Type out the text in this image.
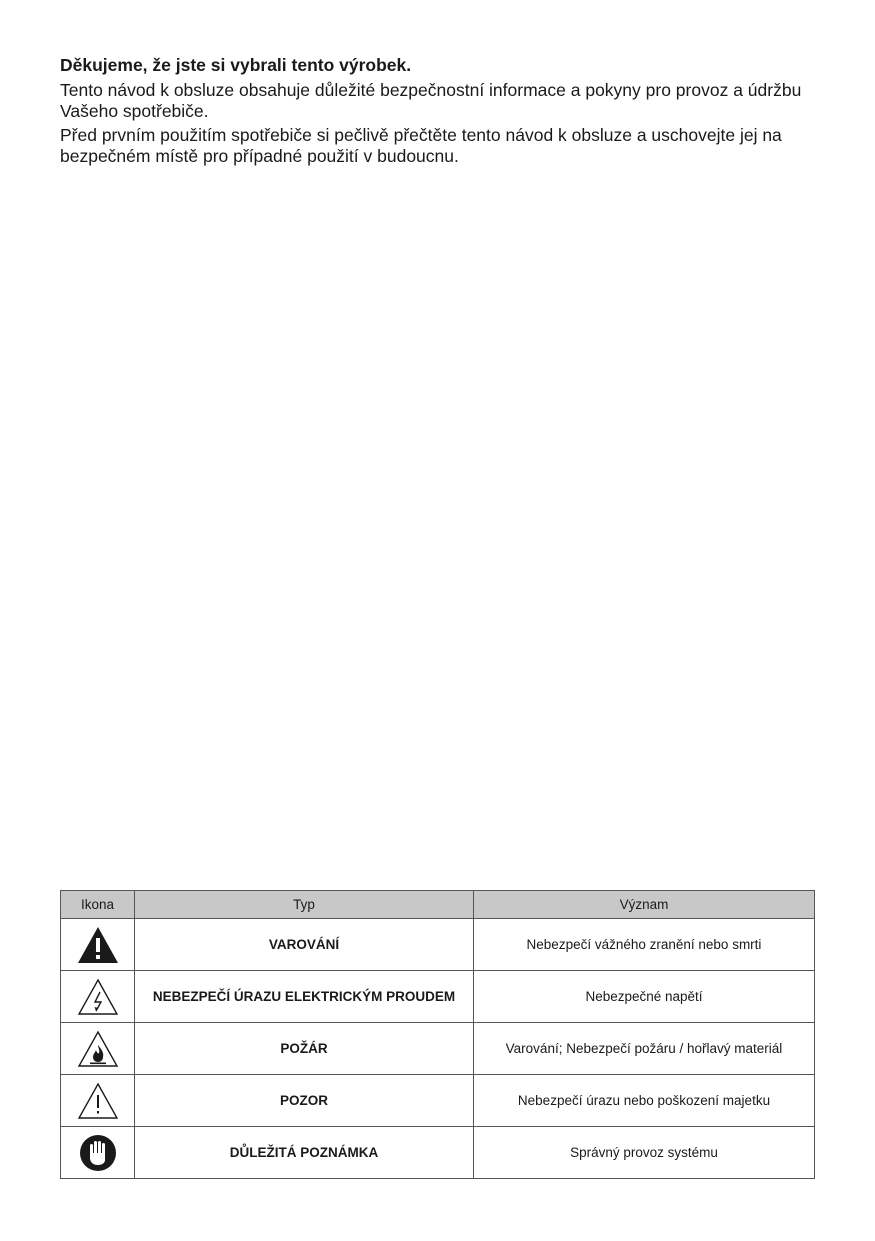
Děkujeme, že jste si vybrali tento výrobek.

Tento návod k obsluze obsahuje důležité bezpečnostní informace a pokyny pro provoz a údržbu Vašeho spotřebiče.

Před prvním použitím spotřebiče si pečlivě přečtěte tento návod k obsluze a uschovejte jej na bezpečném místě pro případné použití v budoucnu.

Ikona	Typ	Význam
	VAROVÁNÍ	Nebezpečí vážného zranění nebo smrti
	NEBEZPEČÍ ÚRAZU ELEKTRICKÝM PROUDEM	Nebezpečné napětí
	POŽÁR	Varování; Nebezpečí požáru / hořlavý materiál
	POZOR	Nebezpečí úrazu nebo poškození majetku
	DŮLEŽITÁ POZNÁMKA	Správný provoz systému
